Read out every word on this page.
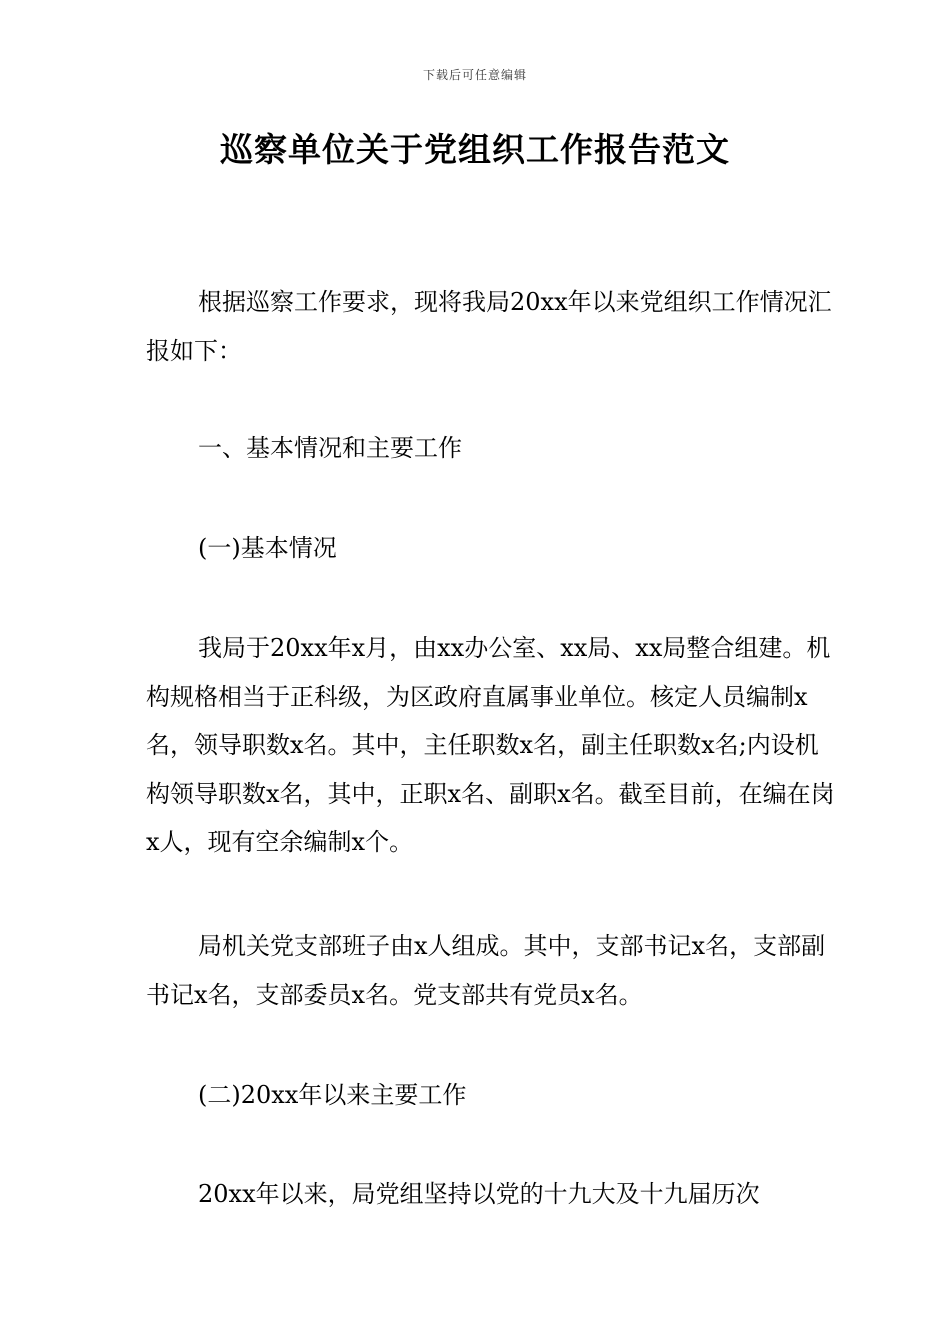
下载后可任意编辑
巡察单位关于党组织工作报告范文

根据巡察工作要求，现将我局20xx年以来党组织工作情况汇报如下：

一、基本情况和主要工作

(一)基本情况

我局于20xx年x月，由xx办公室、xx局、xx局整合组建。机构规格相当于正科级，为区政府直属事业单位。核定人员编制x名，领导职数x名。其中，主任职数x名，副主任职数x名;内设机构领导职数x名，其中，正职x名、副职x名。截至目前，在编在岗x人，现有空余编制x个。

局机关党支部班子由x人组成。其中，支部书记x名，支部副书记x名，支部委员x名。党支部共有党员x名。

(二)20xx年以来主要工作

20xx年以来，局党组坚持以党的十九大及十九届历次
